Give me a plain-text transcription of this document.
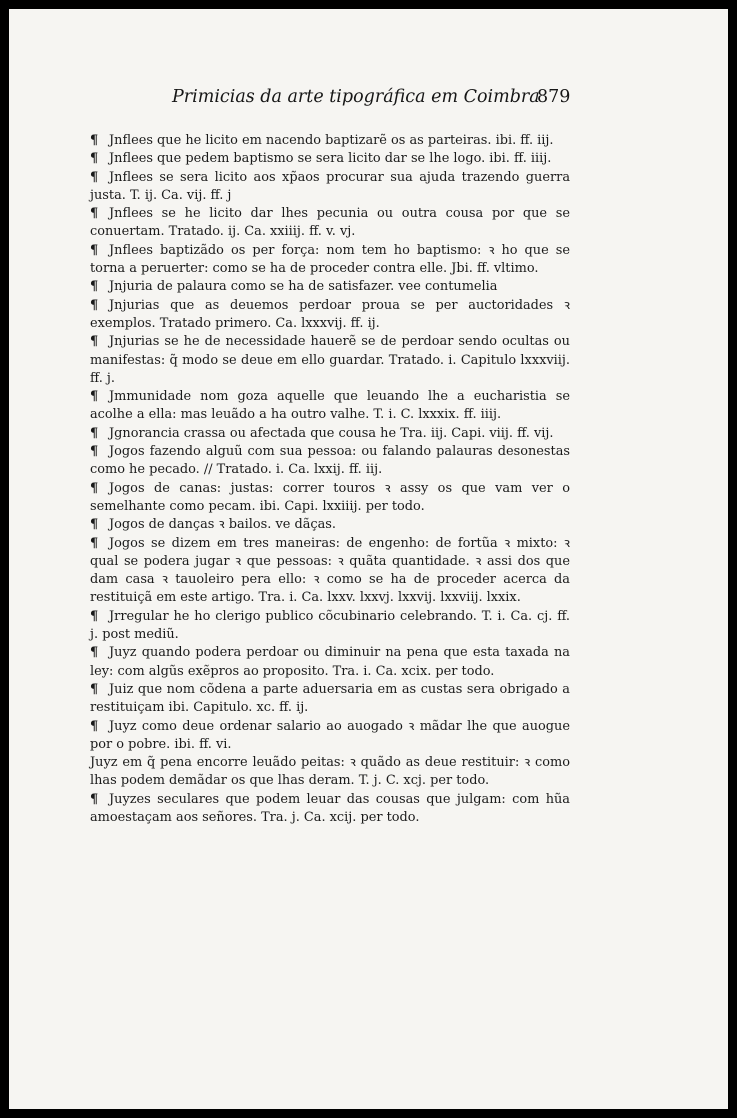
Primicias da arte tipográfica em Coimbra
879

¶ Jnflees que he licito em nacendo baptizarẽ os as parteiras. ibi. ff. iij.

¶ Jnflees que pedem baptismo se sera licito dar se lhe logo. ibi. ff. iiij.

¶ Jnflees se sera licito aos xp̃aos procurar sua ajuda trazendo guerra justa. T. ij. Ca. vij. ff. j

¶ Jnflees se he licito dar lhes pecunia ou outra cousa por que se conuertam. Tratado. ij. Ca. xxiiij. ff. v. vj.

¶ Jnflees baptizãdo os per força: nom tem ho baptismo: ꝛ ho que se torna a peruerter: como se ha de proceder contra elle. Jbi. ff. vltimo.

¶ Jnjuria de palaura como se ha de satisfazer. vee contumelia

¶ Jnjurias que as deuemos perdoar proua se per auctoridades ꝛ exemplos. Tratado primero. Ca. lxxxvij. ff. ij.

¶ Jnjurias se he de necessidade hauerẽ se de perdoar sendo ocultas ou manifestas: q̃ modo se deue em ello guardar. Tratado. i. Capitulo lxxxviij. ff. j.

¶ Jmmunidade nom goza aquelle que leuando lhe a eucharistia se acolhe a ella: mas leuãdo a ha outro valhe. T. i. C. lxxxix. ff. iiij.

¶ Jgnorancia crassa ou afectada que cousa he Tra. iij. Capi. viij. ff. vij.

¶ Jogos fazendo alguũ com sua pessoa: ou falando palauras desonestas como he pecado. // Tratado. i. Ca. lxxij. ff. iij.

¶ Jogos de canas: justas: correr touros ꝛ assy os que vam ver o semelhante como pecam. ibi. Capi. lxxiiij. per todo.

¶ Jogos de danças ꝛ bailos. ve dãças.

¶ Jogos se dizem em tres maneiras: de engenho: de fortũa ꝛ mixto: ꝛ qual se podera jugar ꝛ que pessoas: ꝛ quãta quantidade. ꝛ assi dos que dam casa ꝛ tauoleiro pera ello: ꝛ como se ha de proceder acerca da restituiçã em este artigo. Tra. i. Ca. lxxv. lxxvj. lxxvij. lxxviij. lxxix.

¶ Jrregular he ho clerigo publico cõcubinario celebrando. T. i. Ca. cj. ff. j. post mediũ.

¶ Juyz quando podera perdoar ou diminuir na pena que esta taxada na ley: com algũs exẽpros ao proposito. Tra. i. Ca. xcix. per todo.

¶ Juiz que nom cõdena a parte aduersaria em as custas sera obrigado a restituiçam ibi. Capitulo. xc. ff. ij.

¶ Juyz como deue ordenar salario ao auogado ꝛ mãdar lhe que auogue por o pobre. ibi. ff. vi.

Juyz em q̃ pena encorre leuãdo peitas: ꝛ quãdo as deue restituir: ꝛ como lhas podem demãdar os que lhas deram. T. j. C. xcj. per todo.

¶ Juyzes seculares que podem leuar das cousas que julgam: com hũa amoestaçam aos señores. Tra. j. Ca. xcij. per todo.
